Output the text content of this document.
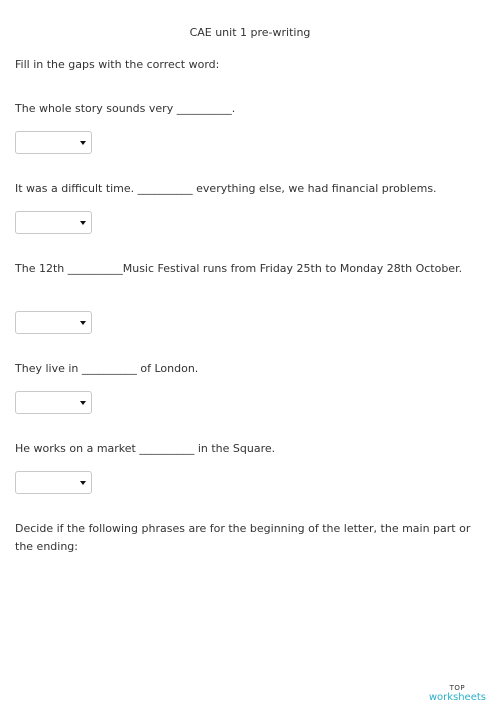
CAE unit 1 pre-writing
Fill in the gaps with the correct word:
The whole story sounds very __________.
It was a difficult time. __________ everything else, we had financial problems.
The 12th __________Music Festival runs from Friday 25th to Monday 28th October.
They live in __________ of London.
He works on a market __________ in the Square.
Decide if the following phrases are for the beginning of the letter, the main part or the ending:
TOP
worksheets
